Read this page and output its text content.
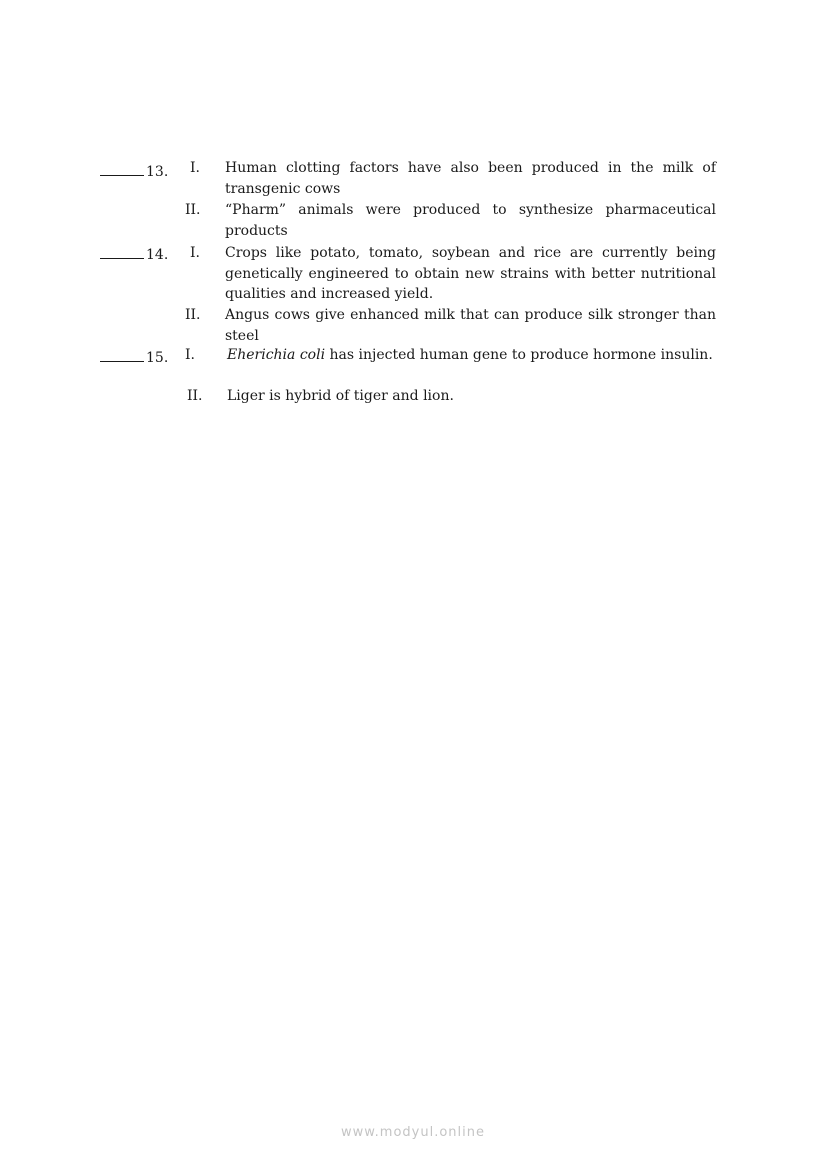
13. I. Human clotting factors have also been produced in the milk of transgenic cows
II. “Pharm” animals were produced to synthesize pharmaceutical products
14. I. Crops like potato, tomato, soybean and rice are currently being genetically engineered to obtain new strains with better nutritional qualities and increased yield.
II. Angus cows give enhanced milk that can produce silk stronger than steel
15. I. Eherichia coli has injected human gene to produce hormone insulin.
II. Liger is hybrid of tiger and lion.
www.modyul.online
